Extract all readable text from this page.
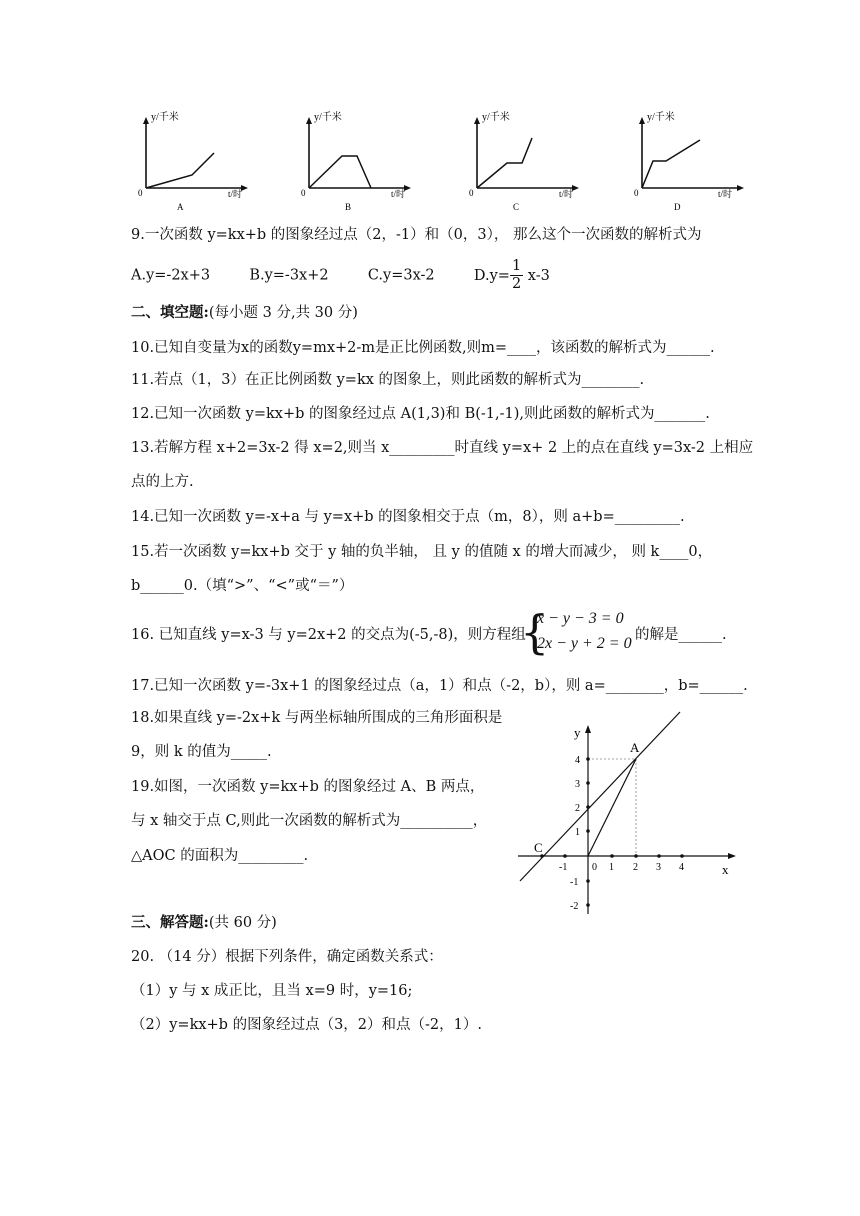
y/千米
t/时
0
A
y/千米
t/时
0
B
y/千米
t/时
0
C
y/千米
t/时
0
D
9.一次函数 y=kx+b 的图象经过点（2，-1）和（0，3）， 那么这个一次函数的解析式为
A.y=-2x+3	B.y=-3x+2	C.y=3x-2	$D.y= \frac{1}{2} x-3$
二、填空题:(每小题 3 分,共 30 分)
10.已知自变量为x的函数y=mx+2-m是正比例函数,则m=____，该函数的解析式为______.
11.若点（1，3）在正比例函数 y=kx 的图象上，则此函数的解析式为________.
12.已知一次函数 y=kx+b 的图象经过点 A(1,3)和 B(-1,-1),则此函数的解析式为_______.
13.若解方程 x+2=3x-2 得 x=2,则当 x_________时直线 y=x+ 2 上的点在直线 y=3x-2 上相应
点的上方.
14.已知一次函数 y=-x+a 与 y=x+b 的图象相交于点（m，8），则 a+b=_________.
15.若一次函数 y=kx+b 交于 y 轴的负半轴， 且 y 的值随 x 的增大而减少， 则 k____0，
b______0.（填“>”、“<”或“＝”）
16. 已知直线 y=x-3 与 y=2x+2 的交点为(-5,-8)，则方程组
{
x − y − 3 = 0
2x − y + 2 = 0 的解是______.
17.已知一次函数 y=-3x+1 的图象经过点（a，1）和点（-2，b），则 a=________，b=______.
18.如果直线 y=-2x+k 与两坐标轴所围成的三角形面积是
9，则 k 的值为_____.
19.如图，一次函数 y=kx+b 的图象经过 A、B 两点，
与 x 轴交于点 C,则此一次函数的解析式为__________，
△AOC 的面积为_________.
y
x
A
C
0
-1	1 2 3 4
4
3
2
1
-1
-2
三、解答题:(共 60 分)
20. （14 分）根据下列条件，确定函数关系式：
（1）y 与 x 成正比，且当 x=9 时，y=16;
（2）y=kx+b 的图象经过点（3，2）和点（-2，1）.
